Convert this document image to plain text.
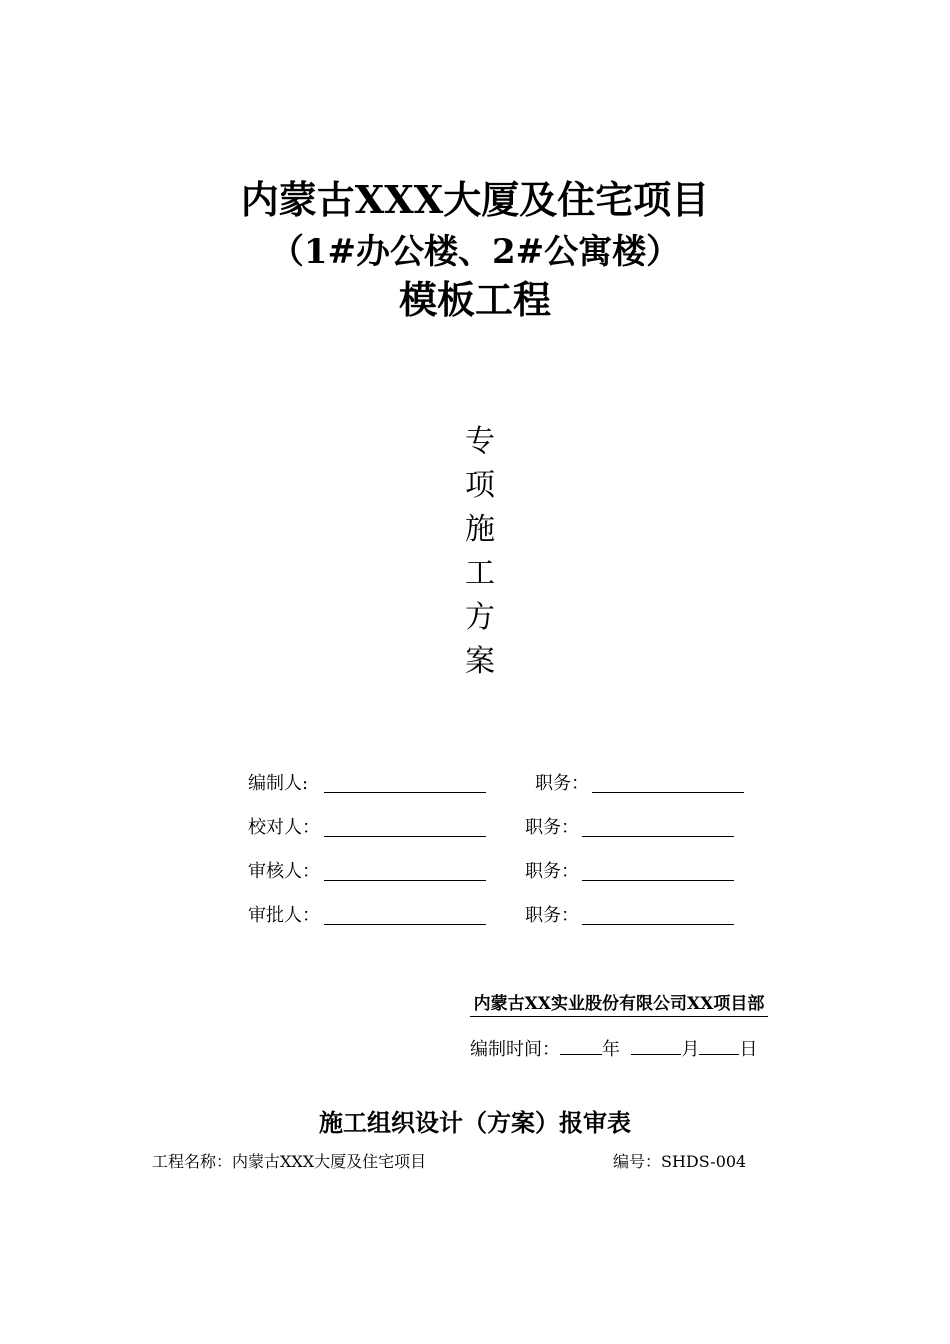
内蒙古XXX大厦及住宅项目
（1#办公楼、2#公寓楼）
模板工程
专
项
施
工
方
案
编制人:	职务：
校对人：	职务：
审核人：	职务：
审批人：	职务：
内蒙古XX实业股份有限公司XX项目部
编制时间： 年	月 日
施工组织设计（方案）报审表
工程名称：内蒙古XXX大厦及住宅项目	编号：SHDS-004
